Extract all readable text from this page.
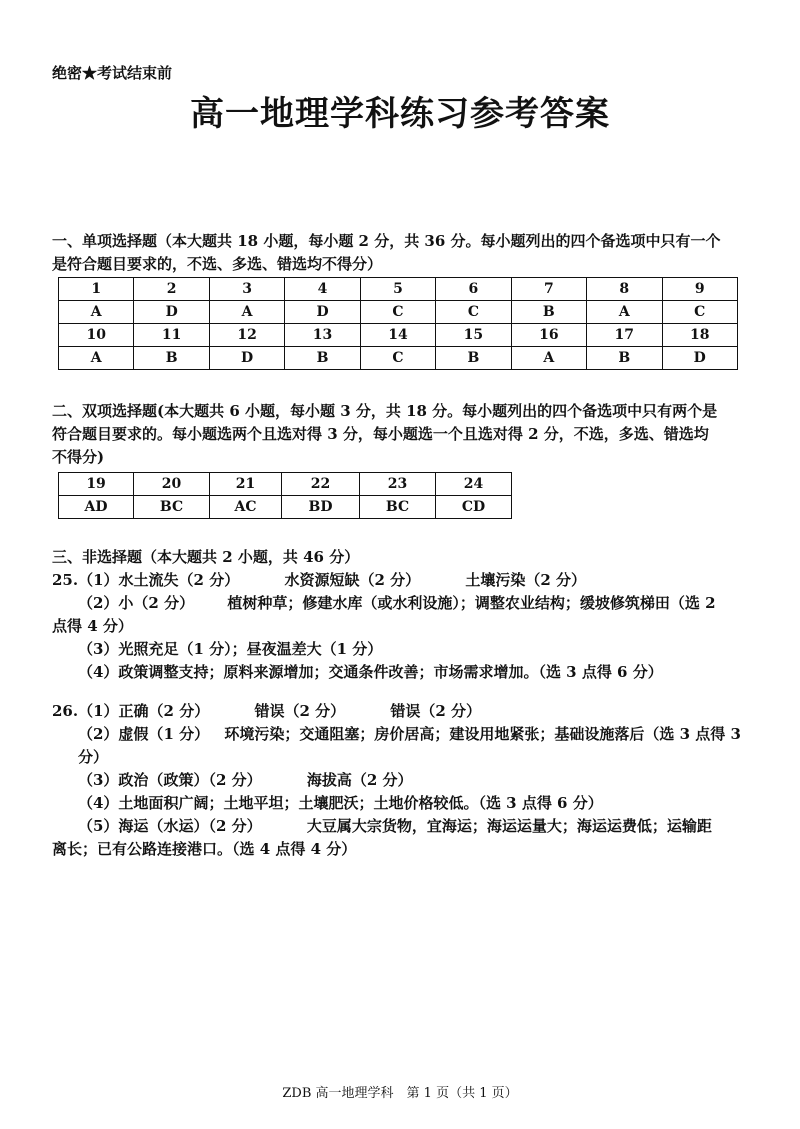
绝密★考试结束前
高一地理学科练习参考答案
一、单项选择题（本大题共 18 小题，每小题 2 分，共 36 分。每小题列出的四个备选项中只有一个
是符合题目要求的，不选、多选、错选均不得分）
1	2	3	4	5	6	7	8	9
A	D	A	D	C	C	B	A	C
10	11	12	13	14	15	16	17	18
A	B	D	B	C	B	A	B	D
二、双项选择题(本大题共 6 小题，每小题 3 分，共 18 分。每小题列出的四个备选项中只有两个是
符合题目要求的。每小题选两个且选对得 3 分，每小题选一个且选对得 2 分，不选，多选、错选均
不得分)
19	20	21	22	23	24
AD	BC	AC	BD	BC	CD
三、非选择题（本大题共 2 小题，共 46 分）
25.（1）水土流失（2 分）	水资源短缺（2 分）	土壤污染（2 分）
（2）小（2 分） 植树种草；修建水库（或水利设施）；调整农业结构；缓坡修筑梯田（选 2
点得 4 分）
（3）光照充足（1 分）；昼夜温差大（1 分）
（4）政策调整支持；原料来源增加；交通条件改善；市场需求增加。（选 3 点得 6 分）
26.（1）正确（2 分）	错误（2 分）	错误（2 分）
（2）虚假（1 分） 环境污染；交通阻塞；房价居高；建设用地紧张；基础设施落后（选 3 点得 3
分）
（3）政治（政策）（2 分）	海拔高（2 分）
（4）土地面积广阔；土地平坦；土壤肥沃；土地价格较低。（选 3 点得 6 分）
（5）海运（水运）（2 分）	大豆属大宗货物，宜海运；海运运量大；海运运费低；运输距
离长；已有公路连接港口。（选 4 点得 4 分）
ZDB 高一地理学科　第 1 页（共 1 页）
